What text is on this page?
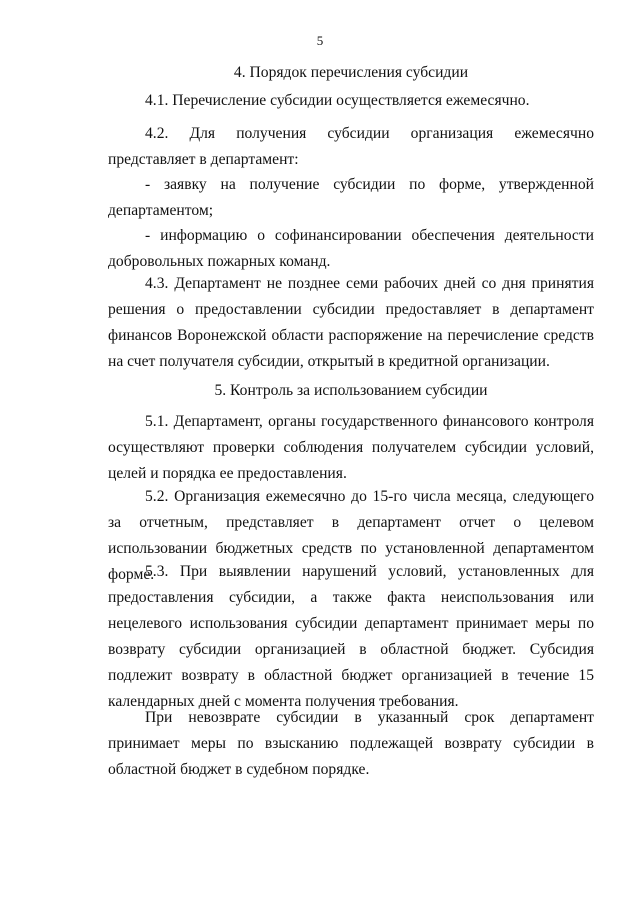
5

4. Порядок перечисления субсидии

4.1. Перечисление субсидии осуществляется ежемесячно.

4.2. Для получения субсидии организация ежемесячно представляет в департамент:

- заявку на получение субсидии по форме, утвержденной департаментом;

- информацию о софинансировании обеспечения деятельности добровольных пожарных команд.

4.3. Департамент не позднее семи рабочих дней со дня принятия решения о предоставлении субсидии предоставляет в департамент финансов Воронежской области распоряжение на перечисление средств на счет получателя субсидии, открытый в кредитной организации.

5. Контроль за использованием субсидии

5.1. Департамент, органы государственного финансового контроля осуществляют проверки соблюдения получателем субсидии условий, целей и порядка ее предоставления.

5.2. Организация ежемесячно до 15-го числа месяца, следующего за отчетным, представляет в департамент отчет о целевом использовании бюджетных средств по установленной департаментом форме.

5.3. При выявлении нарушений условий, установленных для предоставления субсидии, а также факта неиспользования или нецелевого использования субсидии департамент принимает меры по возврату субсидии организацией в областной бюджет. Субсидия подлежит возврату в областной бюджет организацией в течение 15 календарных дней с момента получения требования.

При невозврате субсидии в указанный срок департамент принимает меры по взысканию подлежащей возврату субсидии в областной бюджет в судебном порядке.
